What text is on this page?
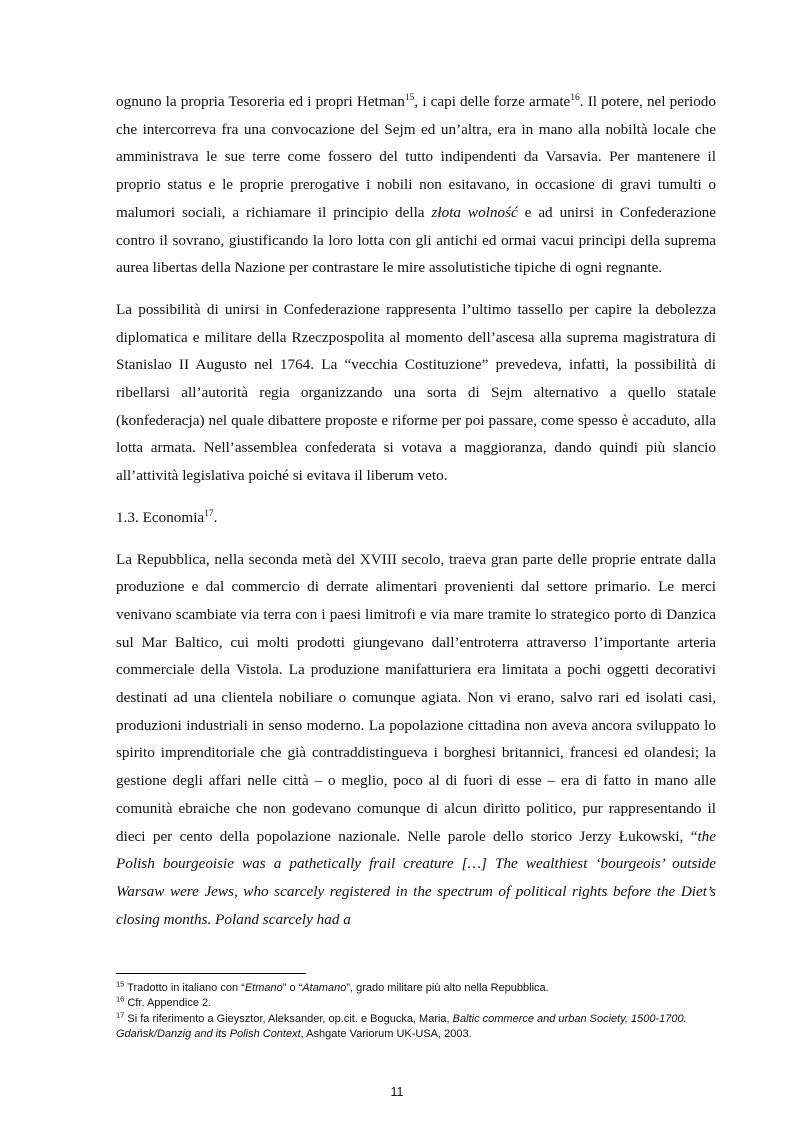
ognuno la propria Tesoreria ed i propri Hetman$^{15}$, i capi delle forze armate$^{16}$. Il potere, nel periodo che intercorreva fra una convocazione del Sejm ed un’altra, era in mano alla nobiltà locale che amministrava le sue terre come fossero del tutto indipendenti da Varsavia. Per mantenere il proprio status e le proprie prerogative i nobili non esitavano, in occasione di gravi tumulti o malumori sociali, a richiamare il principio della złota wolność e ad unirsi in Confederazione contro il sovrano, giustificando la loro lotta con gli antichi ed ormai vacui princìpi della suprema aurea libertas della Nazione per contrastare le mire assolutistiche tipiche di ogni regnante.

La possibilità di unirsi in Confederazione rappresenta l’ultimo tassello per capire la debolezza diplomatica e militare della Rzeczpospolita al momento dell’ascesa alla suprema magistratura di Stanislao II Augusto nel 1764. La “vecchia Costituzione” prevedeva, infatti, la possibilità di ribellarsi all’autorità regia organizzando una sorta di Sejm alternativo a quello statale (konfederacja) nel quale dibattere proposte e riforme per poi passare, come spesso è accaduto, alla lotta armata. Nell’assemblea confederata si votava a maggioranza, dando quindi più slancio all’attività legislativa poiché si evitava il liberum veto.

1.3. Economia$^{17}$.

La Repubblica, nella seconda metà del XVIII secolo, traeva gran parte delle proprie entrate dalla produzione e dal commercio di derrate alimentari provenienti dal settore primario. Le merci venivano scambiate via terra con i paesi limitrofi e via mare tramite lo strategico porto di Danzica sul Mar Baltico, cui molti prodotti giungevano dall’entroterra attraverso l’importante arteria commerciale della Vistola. La produzione manifatturiera era limitata a pochi oggetti decorativi destinati ad una clientela nobiliare o comunque agiata. Non vi erano, salvo rari ed isolati casi, produzioni industriali in senso moderno. La popolazione cittadina non aveva ancora sviluppato lo spirito imprenditoriale che già contraddistingueva i borghesi britannici, francesi ed olandesi; la gestione degli affari nelle città – o meglio, poco al di fuori di esse – era di fatto in mano alle comunità ebraiche che non godevano comunque di alcun diritto politico, pur rappresentando il dieci per cento della popolazione nazionale. Nelle parole dello storico Jerzy Łukowski, “the Polish bourgeoisie was a pathetically frail creature […] The wealthiest ‘bourgeois’ outside Warsaw were Jews, who scarcely registered in the spectrum of political rights before the Diet’s closing months. Poland scarcely had a

$^{15}$ Tradotto in italiano con “Etmano” o “Atamano”, grado militare più alto nella Repubblica.

$^{16}$ Cfr. Appendice 2.

$^{17}$ Si fa riferimento a Gieysztor, Aleksander, op.cit. e Bogucka, Maria, Baltic commerce and urban Society, 1500-1700. Gdańsk/Danzig and its Polish Context, Ashgate Variorum UK-USA, 2003.

11
